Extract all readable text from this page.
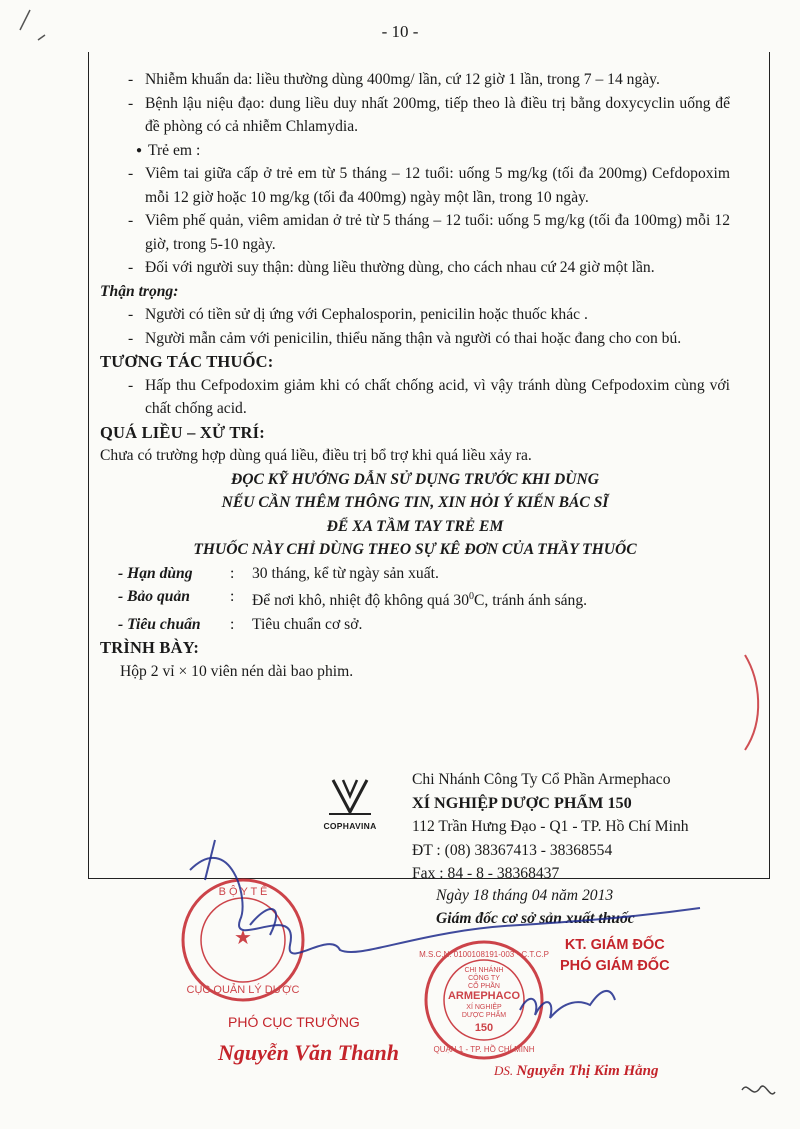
- 10 -
- Nhiễm khuẩn da: liều thường dùng 400mg/ lần, cứ 12 giờ 1 lần, trong 7 – 14 ngày.
- Bệnh lậu niệu đạo: dung liều duy nhất 200mg, tiếp theo là điều trị bằng doxycyclin uống để đề phòng có cả nhiễm Chlamydia.
● Trẻ em :
- Viêm tai giữa cấp ở trẻ em từ 5 tháng – 12 tuổi: uống 5 mg/kg (tối đa 200mg) Cefdopoxim mỗi 12 giờ hoặc 10 mg/kg (tối đa 400mg) ngày một lần, trong 10 ngày.
- Viêm phế quản, viêm amidan ở trẻ từ 5 tháng – 12 tuổi: uống 5 mg/kg (tối đa 100mg) mỗi 12 giờ, trong 5-10 ngày.
- Đối với người suy thận: dùng liều thường dùng, cho cách nhau cứ 24 giờ một lần.
Thận trọng:
- Người có tiền sử dị ứng với Cephalosporin, penicilin hoặc thuốc khác .
- Người mẫn cảm với penicilin, thiểu năng thận và người có thai hoặc đang cho con bú.
TƯƠNG TÁC THUỐC:
- Hấp thu Cefpodoxim giảm khi có chất chống acid, vì vậy tránh dùng Cefpodoxim cùng với chất chống acid.
QUÁ LIỀU – XỬ TRÍ:
Chưa có trường hợp dùng quá liều, điều trị bổ trợ khi quá liều xảy ra.
ĐỌC KỸ HƯỚNG DẪN SỬ DỤNG TRƯỚC KHI DÙNG
NẾU CẦN THÊM THÔNG TIN, XIN HỎI Ý KIẾN BÁC SĨ
ĐỂ XA TẦM TAY TRẺ EM
THUỐC NÀY CHỈ DÙNG THEO SỰ KÊ ĐƠN CỦA THẦY THUỐC
- Hạn dùng	:	30 tháng, kể từ ngày sản xuất.
- Bảo quản	:	Để nơi khô, nhiệt độ không quá $30^0C$, tránh ánh sáng.
- Tiêu chuẩn	:	Tiêu chuẩn cơ sở.
TRÌNH BÀY:
Hộp 2 vỉ × 10 viên nén dài bao phim.
COPHAVINA
Chi Nhánh Công Ty Cổ Phần Armephaco
XÍ NGHIỆP DƯỢC PHẨM 150
112 Trần Hưng Đạo - Q1 - TP. Hồ Chí Minh
ĐT : (08) 38367413 - 38368554
Fax : 84 - 8 - 38368437
Ngày 18 tháng 04 năm 2013
Giám đốc cơ sở sản xuất thuốc
B Ộ Y T Ế
CỤC QUẢN LÝ DƯỢC
★
M.S.C.N: 0100108191-003 · C.T.C.P
QUẬN 1 - TP. HỒ CHÍ MINH
CHI NHÁNH
CÔNG TY
CỔ PHẦN
ARMEPHACO
XÍ NGHIỆP
DƯỢC PHẨM
150
KT. GIÁM ĐỐC
PHÓ GIÁM ĐỐC
PHÓ CỤC TRƯỞNG
Nguyễn Văn Thanh
DS. Nguyễn Thị Kim Hằng
